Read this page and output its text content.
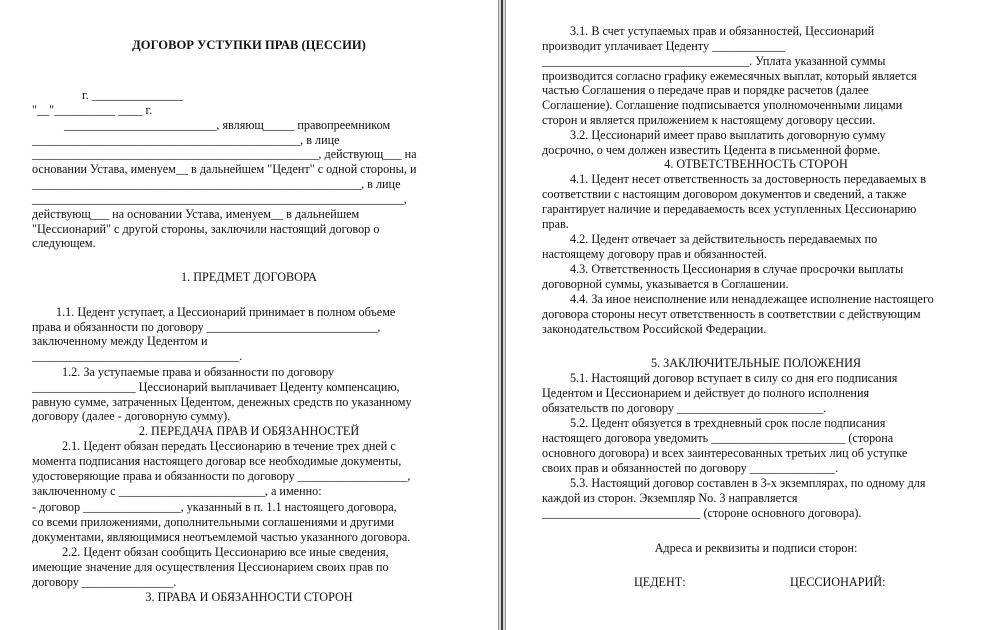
ДОГОВОР УСТУПКИ ПРАВ (ЦЕССИИ)
г. _______________
"__"__________ ____ г.
_________________________, являющ_____ правопреемником
____________________________________________, в лице
_______________________________________________, действующ___ на
основании Устава, именуем__ в дальнейшем "Цедент" с одной стороны, и
______________________________________________________, в лице
_____________________________________________________________,
действующ___ на основании Устава, именуем__ в дальнейшем
"Цессионарий" с другой стороны, заключили настоящий договор о
следующем.
1. ПРЕДМЕТ ДОГОВОРА
1.1. Цедент уступает, а Цессионарий принимает в полном объеме
права и обязанности по договору ____________________________,
заключенному между Цедентом и
__________________________________.
1.2. За уступаемые права и обязанности по договору
_________________ Цессионарий выплачивает Цеденту компенсацию,
равную сумме, затраченных Цедентом, денежных средств по указанному
договору (далее - договорную сумму).
2. ПЕРЕДАЧА ПРАВ И ОБЯЗАННОСТЕЙ
2.1. Цедент обязан передать Цессионарию в течение трех дней с
момента подписания настоящего договар все необходимые документы,
удостоверяющие права и обязанности по договору __________________,
заключенному с ________________________, а именно:
- договор ________________, указанный в п. 1.1 настоящего договора,
со всеми приложениями, дополнительными соглашениями и другими
документами, являющимися неотъемлемой частью указанного договора.
2.2. Цедент обязан сообщить Цессионарию все иные сведения,
имеющие значение для осуществления Цессионарием своих прав по
договору _______________.
3. ПРАВА И ОБЯЗАННОСТИ СТОРОН
3.1. В счет уступаемых прав и обязанностей, Цессионарий
производит уплачивает Цеденту ____________
__________________________________. Уплата указанной суммы
производится согласно графику ежемесячных выплат, который является
частью Соглашения о передаче прав и порядке расчетов (далее
Соглашение). Соглашение подписывается уполномоченными лицами
сторон и является приложением к настоящему договору цессии.
3.2. Цессионарий имеет право выплатить договорную сумму
досрочно, о чем должен известить Цедента в письменной форме.
4. ОТВЕТСТВЕННОСТЬ СТОРОН
4.1. Цедент несет ответственность за достоверность передаваемых в
соответствии с настоящим договором документов и сведений, а также
гарантирует наличие и передаваемость всех уступленных Цессионарию
прав.
4.2. Цедент отвечает за действительность передаваемых по
настоящему договору прав и обязанностей.
4.3. Ответственность Цессионария в случае просрочки выплаты
договорной суммы, указывается в Соглашении.
4.4. За иное неисполнение или ненадлежащее исполнение настоящего
договора стороны несут ответственность в соответствии с действующим
законодательством Российской Федерации.
5. ЗАКЛЮЧИТЕЛЬНЫЕ ПОЛОЖЕНИЯ
5.1. Настоящий договор вступает в силу со дня его подписания
Цедентом и Цессионарием и действует до полного исполнения
обязательств по договору ________________________.
5.2. Цедент обязуется в трехдневный срок после подписания
настоящего договора уведомить ______________________ (сторона
основного договора) и всех заинтересованных третьих лиц об уступке
своих прав и обязанностей по договору ______________.
5.3. Настоящий договор составлен в 3-х экземплярах, по одному для
каждой из сторон. Экземпляр No. 3 направляется
__________________________ (стороне основного договора).
Адреса и реквизиты и подписи сторон:
ЦЕДЕНТ:	ЦЕССИОНАРИЙ:
